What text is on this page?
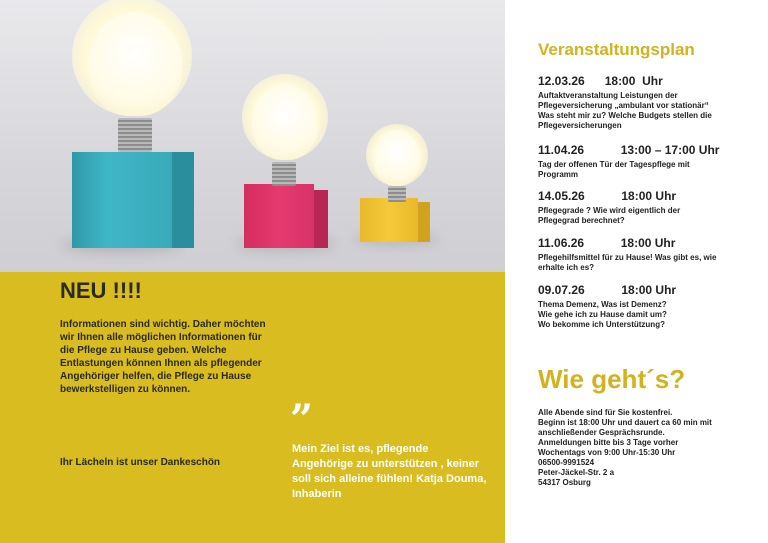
NEU !!!!
Informationen sind wichtig. Daher möchten wir Ihnen alle möglichen Informationen für die Pflege zu Hause geben. Welche Entlastungen können Ihnen als pflegender Angehöriger helfen, die Pflege zu Hause bewerkstelligen zu können.
Ihr Lächeln ist unser Dankeschön
”
Mein Ziel ist es, pflegende Angehörige zu unterstützen , keiner soll sich alleine fühlen! Katja Douma, Inhaberin
Veranstaltungsplan
12.03.26      18:00  Uhr
Auftaktveranstaltung Leistungen der
Pflegeversicherung „ambulant vor stationär“
Was steht mir zu? Welche Budgets stellen die
Pflegeversicherungen
11.04.26           13:00 – 17:00 Uhr
Tag der offenen Tür der Tagespflege mit
Programm
14.05.26           18:00 Uhr
Pflegegrade ? Wie wird eigentlich der
Pflegegrad berechnet?
11.06.26           18:00 Uhr
Pflegehilfsmittel für zu Hause! Was gibt es, wie
erhalte ich es?
09.07.26           18:00 Uhr
Thema Demenz, Was ist Demenz?
Wie gehe ich zu Hause damit um?
Wo bekomme ich Unterstützung?
Wie geht´s?
Alle Abende sind für Sie kostenfrei.
Beginn ist 18:00 Uhr und dauert ca 60 min mit
anschließender Gesprächsrunde.
Anmeldungen bitte bis 3 Tage vorher
Wochentags von 9:00 Uhr-15:30 Uhr
06500-9991524
Peter-Jäckel-Str. 2 a
54317 Osburg
